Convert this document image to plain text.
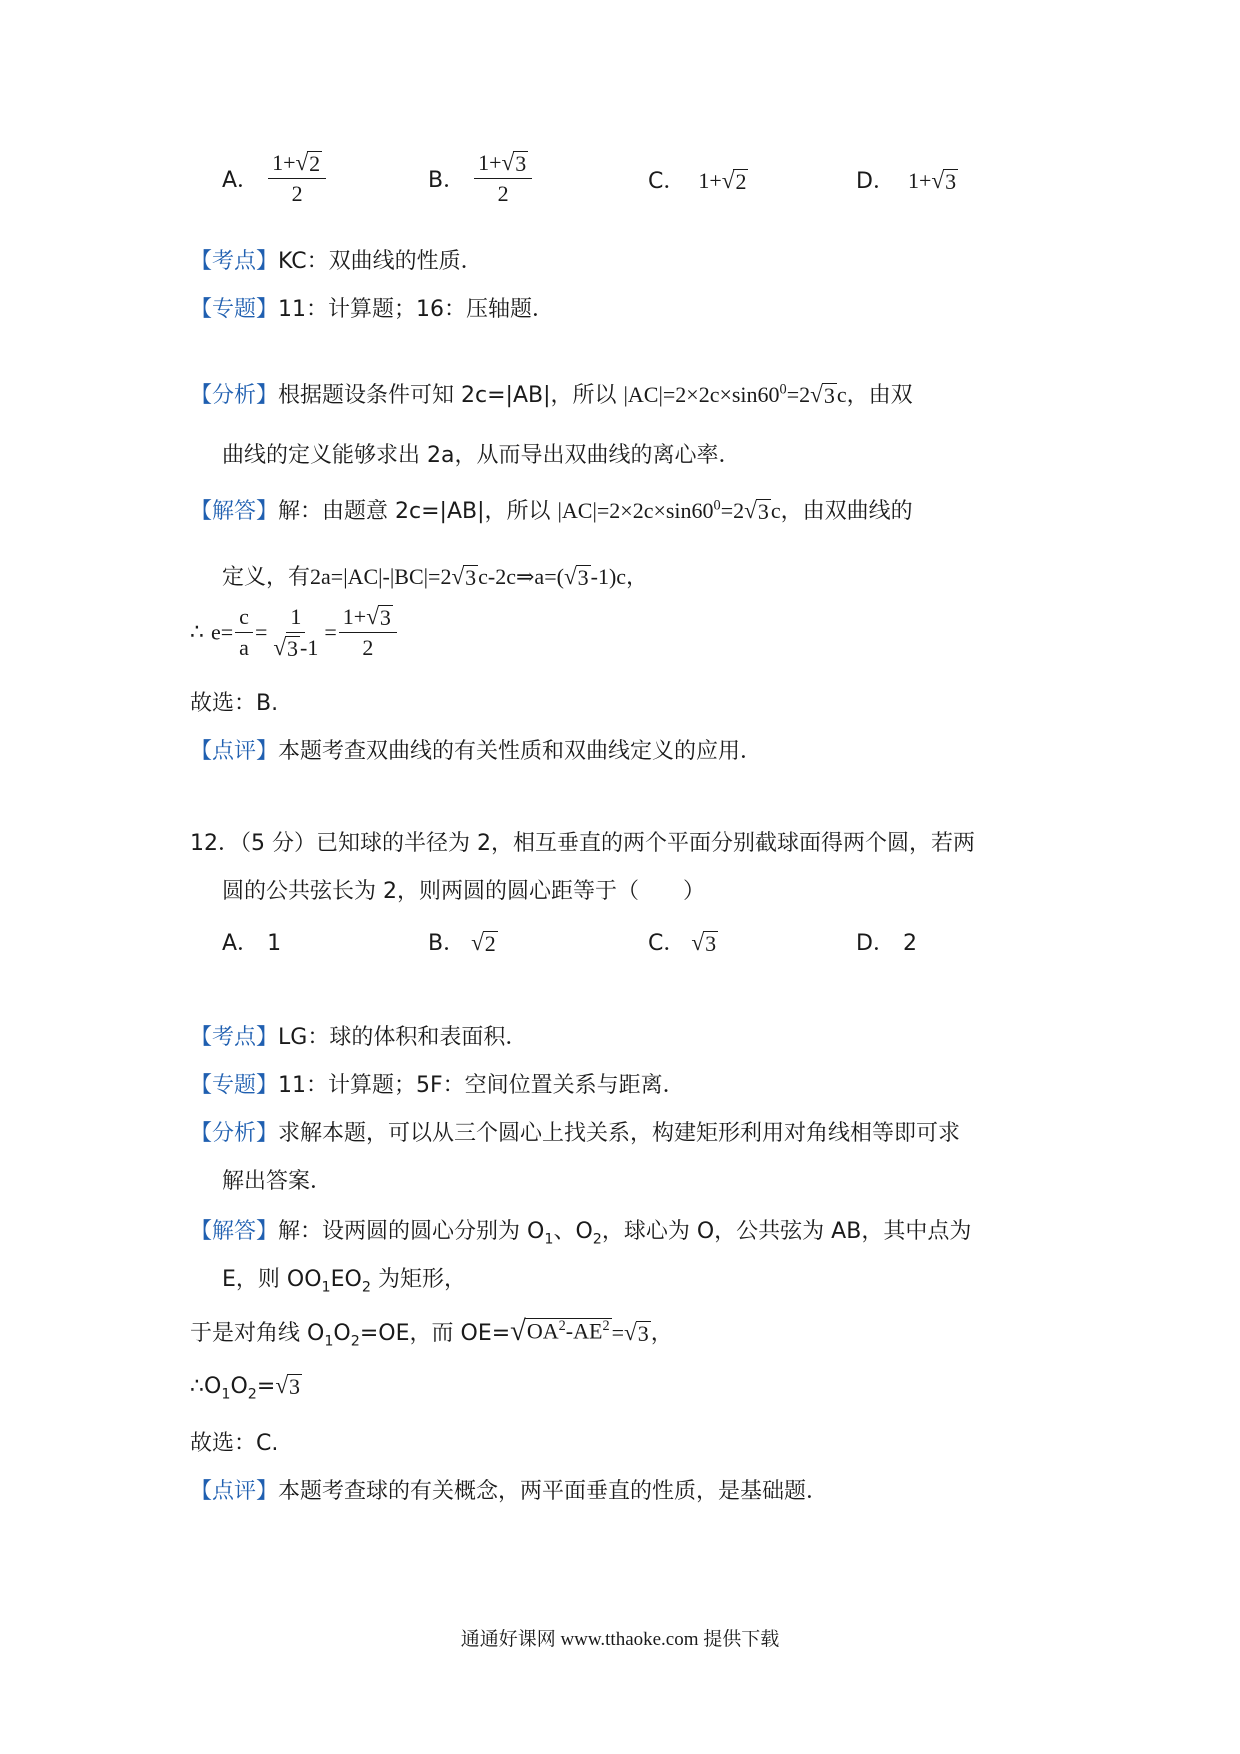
A． $\frac{1+ √ 2}{2}$	B． $\frac{1+ √ 3}{2}$	C． 1+ √ 2	D． 1+ √ 3
【考点】KC：双曲线的性质．
【专题】11：计算题；16：压轴题．
【分析】根据题设条件可知 2c=|AB|，所以 $|AC|=2\times 2c\times\sin 60^0=2$ √ 3 c，由双
曲线的定义能够求出 2a，从而导出双曲线的离心率．
【解答】解：由题意 2c=|AB|，所以 $|AC|=2\times 2c\times\sin 60^0=2$ √ 3 c，由双曲线的
定义，有2a=|AC|-|BC|=2 √ 3 c-2c⇒a=( √ 3 -1)c，
∴ $e= \frac{c}{a} = \frac{1}{√ 3 -1} = \frac{1+ √ 3}{2}$
故选：B.
【点评】本题考查双曲线的有关性质和双曲线定义的应用．
12．（5 分）已知球的半径为 2，相互垂直的两个平面分别截球面得两个圆，若两
圆的公共弦长为 2，则两圆的圆心距等于（　　）
A． 1	B． √ 2	C． √ 3	D． 2
【考点】LG：球的体积和表面积．
【专题】11：计算题；5F：空间位置关系与距离．
【分析】求解本题，可以从三个圆心上找关系，构建矩形利用对角线相等即可求
解出答案．
【解答】解：设两圆的圆心分别为 $O_1$、$O_2$，球心为 O，公共弦为 AB，其中点为
E，则 $OO_1EO_2$ 为矩形，
于是对角线 $O_1O_2=OE$，而 OE= √ $OA^2-AE^2$ = √ 3 ，
$\therefore O_1O_2=$ √ 3
故选：C.
【点评】本题考查球的有关概念，两平面垂直的性质，是基础题．
通通好课网 www.tthaoke.com 提供下载
